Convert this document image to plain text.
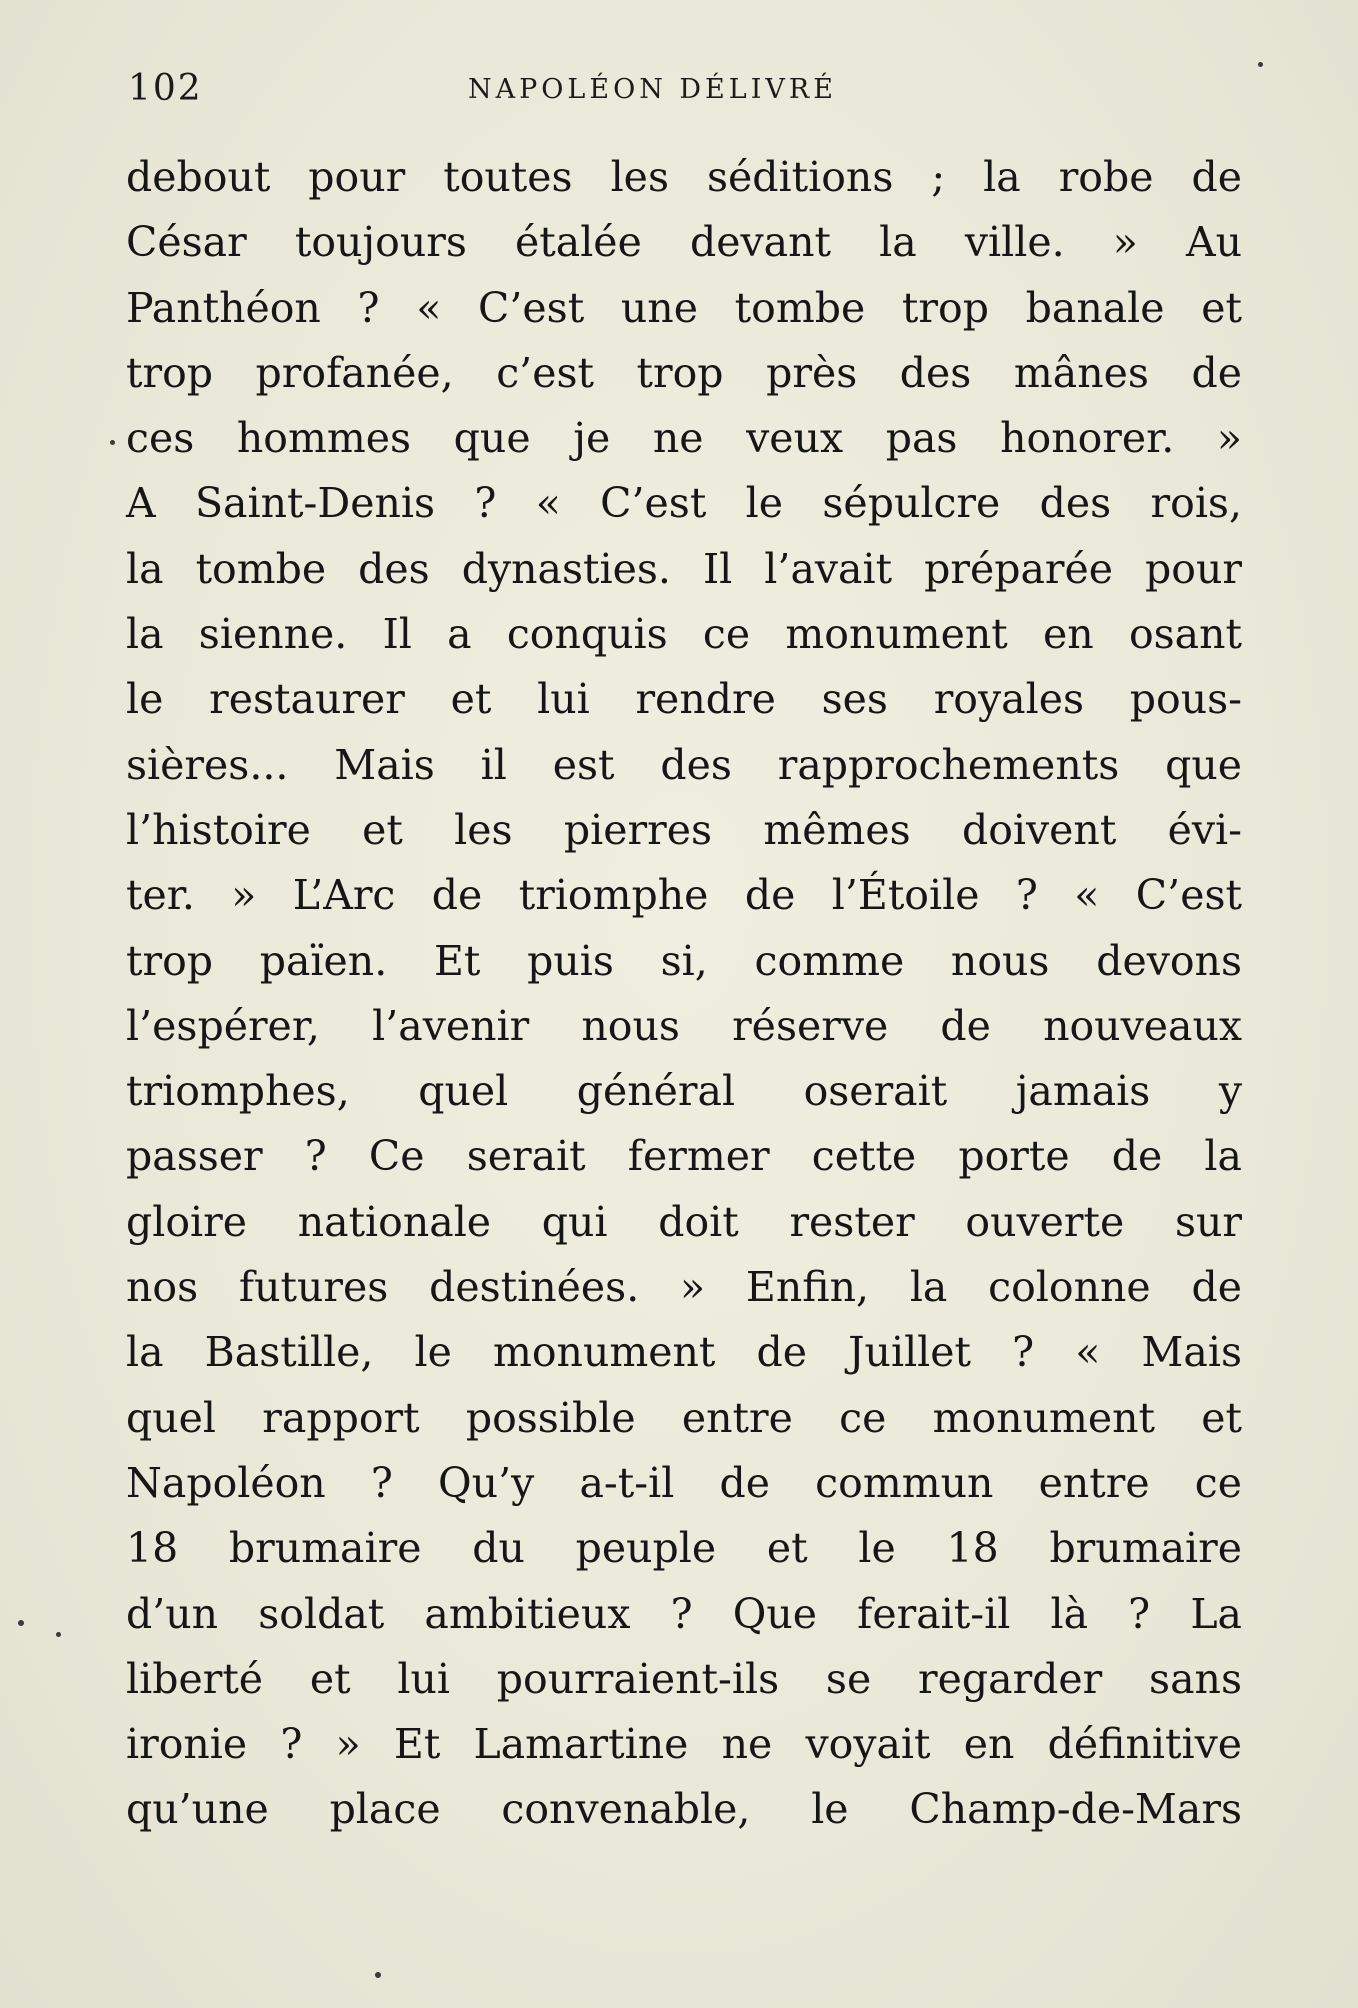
102	NAPOLÉON DÉLIVRÉ
debout pour toutes les séditions ; la robe de
César toujours étalée devant la ville. » Au
Panthéon ? « C’est une tombe trop banale et
trop profanée, c’est trop près des mânes de
ces hommes que je ne veux pas honorer. »
A Saint-Denis ? « C’est le sépulcre des rois,
la tombe des dynasties. Il l’avait préparée pour
la sienne. Il a conquis ce monument en osant
le restaurer et lui rendre ses royales pous-
sières... Mais il est des rapprochements que
l’histoire et les pierres mêmes doivent évi-
ter. » L’Arc de triomphe de l’Étoile ? « C’est
trop païen. Et puis si, comme nous devons
l’espérer, l’avenir nous réserve de nouveaux
triomphes, quel général oserait jamais y
passer ? Ce serait fermer cette porte de la
gloire nationale qui doit rester ouverte sur
nos futures destinées. » Enfin, la colonne de
la Bastille, le monument de Juillet ? « Mais
quel rapport possible entre ce monument et
Napoléon ? Qu’y a-t-il de commun entre ce
18 brumaire du peuple et le 18 brumaire
d’un soldat ambitieux ? Que ferait-il là ? La
liberté et lui pourraient-ils se regarder sans
ironie ? » Et Lamartine ne voyait en définitive
qu’une place convenable, le Champ-de-Mars
